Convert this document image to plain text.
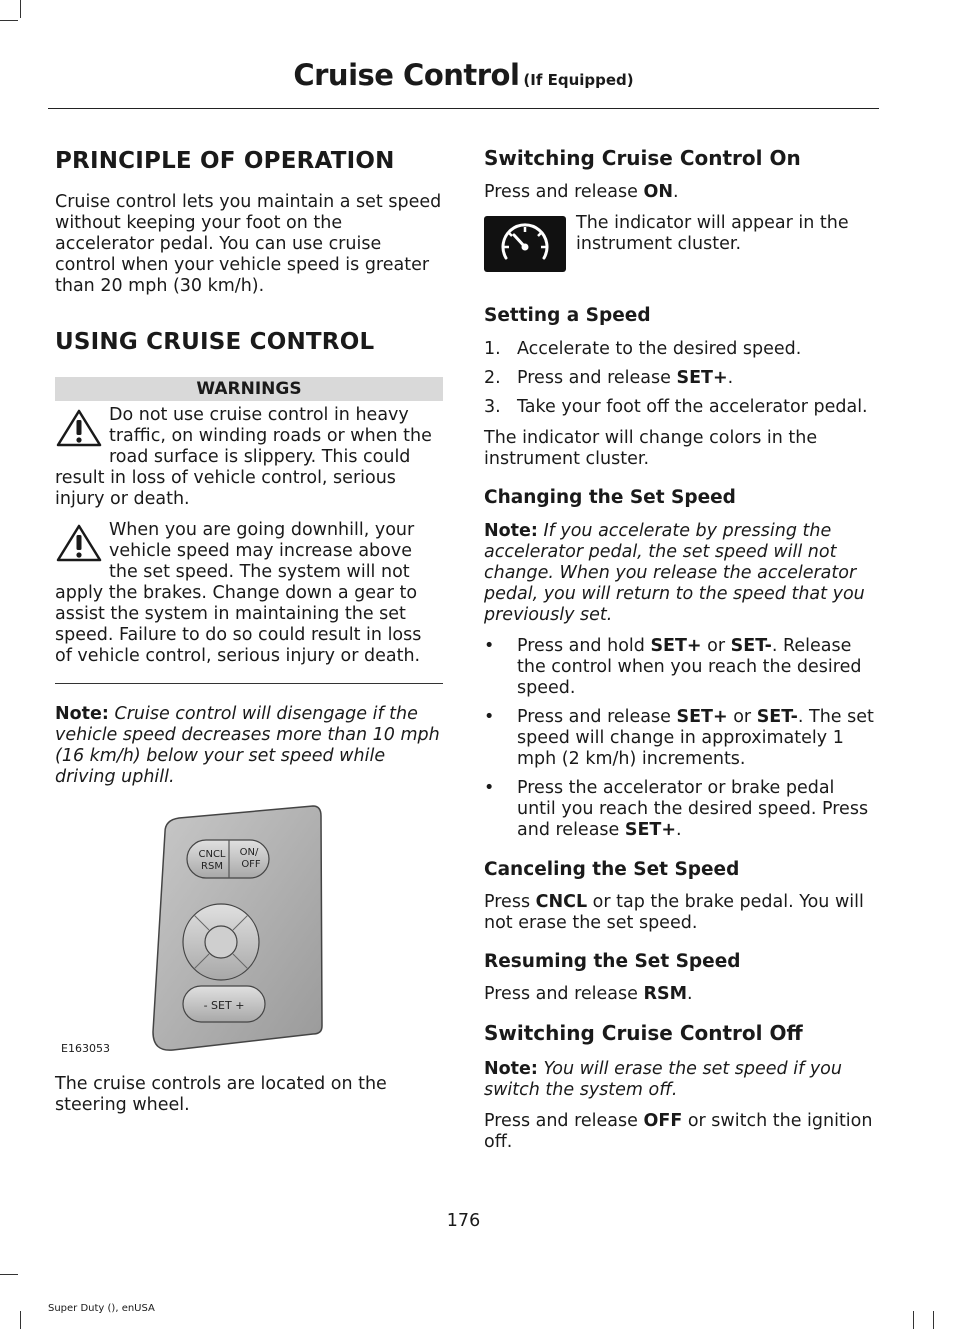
Cruise Control (If Equipped)
PRINCIPLE OF OPERATION

Cruise control lets you maintain a set speed without keeping your foot on the accelerator pedal. You can use cruise control when your vehicle speed is greater than 20 mph (30 km/h).

USING CRUISE CONTROL
WARNINGS

Do not use cruise control in heavy traffic, on winding roads or when the road surface is slippery. This could result in loss of vehicle control, serious injury or death.

When you are going downhill, your vehicle speed may increase above the set speed. The system will not apply the brakes. Change down a gear to assist the system in maintaining the set speed. Failure to do so could result in loss of vehicle control, serious injury or death.

Note: Cruise control will disengage if the vehicle speed decreases more than 10 mph (16 km/h) below your set speed while driving uphill.

CNCL
RSM
ON/
OFF
- SET +
E163053

The cruise controls are located on the steering wheel.

Switching Cruise Control On

Press and release ON.

The indicator will appear in the instrument cluster.

Setting a Speed
1. Accelerate to the desired speed.
2. Press and release SET+.
3. Take your foot off the accelerator pedal.

The indicator will change colors in the instrument cluster.

Changing the Set Speed

Note: If you accelerate by pressing the accelerator pedal, the set speed will not change. When you release the accelerator pedal, you will return to the speed that you previously set.

• Press and hold SET+ or SET-. Release the control when you reach the desired speed.
• Press and release SET+ or SET-. The set speed will change in approximately 1 mph (2 km/h) increments.
• Press the accelerator or brake pedal until you reach the desired speed. Press and release SET+.
Canceling the Set Speed

Press CNCL or tap the brake pedal. You will not erase the set speed.

Resuming the Set Speed

Press and release RSM.

Switching Cruise Control Off

Note: You will erase the set speed if you switch the system off.

Press and release OFF or switch the ignition off.

176
Super Duty (), enUSA
